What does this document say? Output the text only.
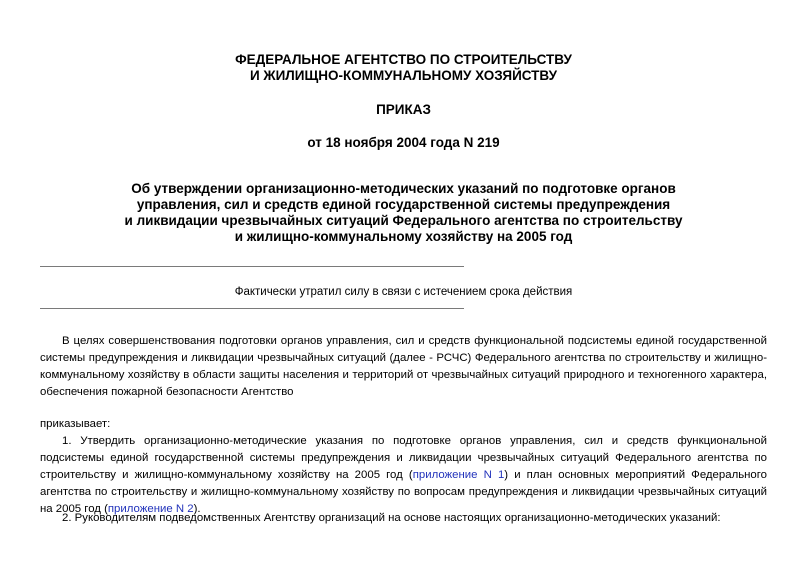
ФЕДЕРАЛЬНОЕ АГЕНТСТВО ПО СТРОИТЕЛЬСТВУ
И ЖИЛИЩНО-КОММУНАЛЬНОМУ ХОЗЯЙСТВУ
ПРИКАЗ
от 18 ноября 2004 года N 219
Об утверждении организационно-методических указаний по подготовке органов
управления, сил и средств единой государственной системы предупреждения
и ликвидации чрезвычайных ситуаций Федерального агентства по строительству
и жилищно-коммунальному хозяйству на 2005 год
Фактически утратил силу в связи с истечением срока действия
В целях совершенствования подготовки органов управления, сил и средств функциональной подсистемы единой государственной системы предупреждения и ликвидации чрезвычайных ситуаций (далее - РСЧС) Федерального агентства по строительству и жилищно-коммунальному хозяйству в области защиты населения и территорий от чрезвычайных ситуаций природного и техногенного характера, обеспечения пожарной безопасности Агентство
приказывает:
1. Утвердить организационно-методические указания по подготовке органов управления, сил и средств функциональной подсистемы единой государственной системы предупреждения и ликвидации чрезвычайных ситуаций Федерального агентства по строительству и жилищно-коммунальному хозяйству на 2005 год (приложение N 1) и план основных мероприятий Федерального агентства по строительству и жилищно-коммунальному хозяйству по вопросам предупреждения и ликвидации чрезвычайных ситуаций на 2005 год (приложение N 2).
2. Руководителям подведомственных Агентству организаций на основе настоящих организационно-методических указаний:
